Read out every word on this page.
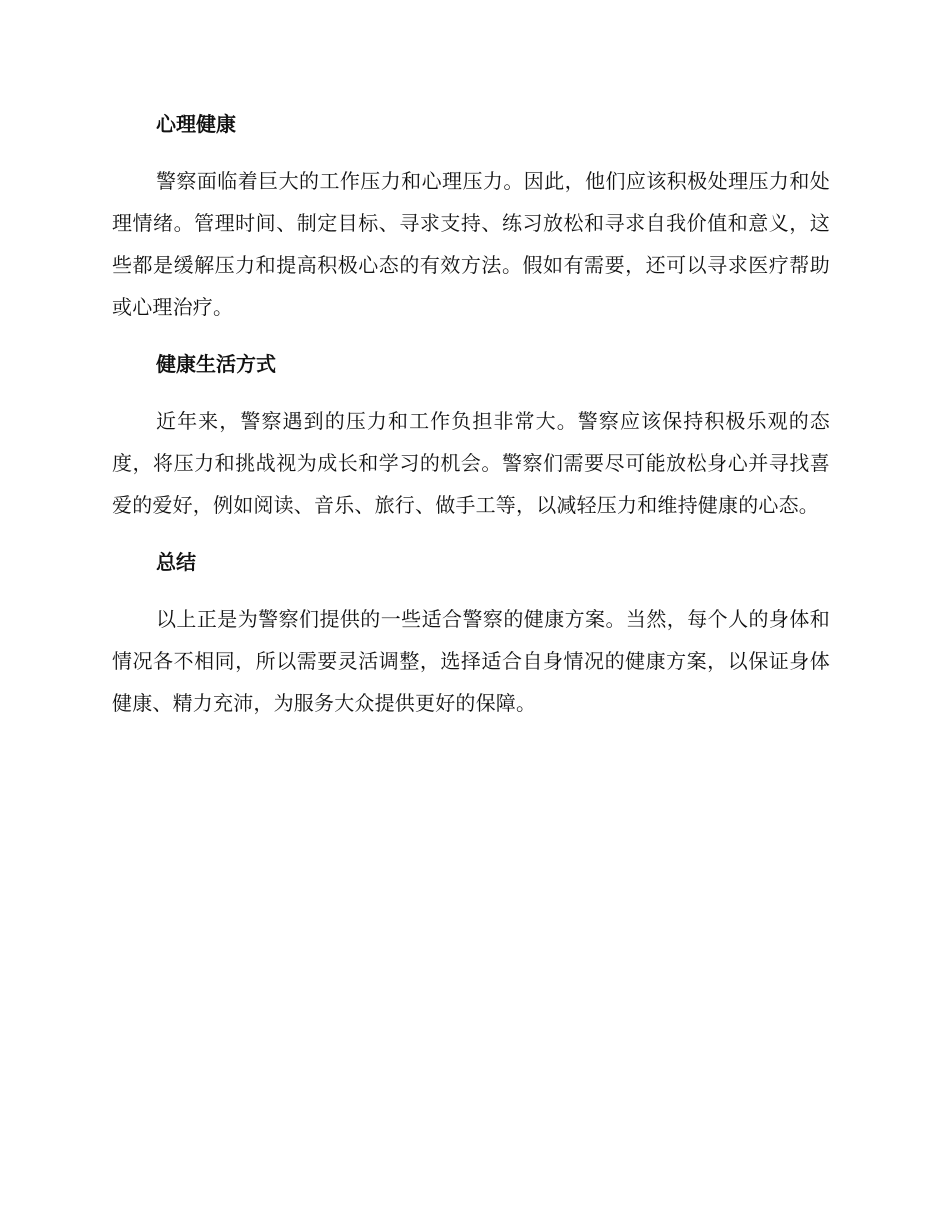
心理健康

警察面临着巨大的工作压力和心理压力。因此，他们应该积极处理压力和处理情绪。管理时间、制定目标、寻求支持、练习放松和寻求自我价值和意义，这些都是缓解压力和提高积极心态的有效方法。假如有需要，还可以寻求医疗帮助或心理治疗。

健康生活方式

近年来，警察遇到的压力和工作负担非常大。警察应该保持积极乐观的态度，将压力和挑战视为成长和学习的机会。警察们需要尽可能放松身心并寻找喜爱的爱好，例如阅读、音乐、旅行、做手工等，以减轻压力和维持健康的心态。

总结

以上正是为警察们提供的一些适合警察的健康方案。当然，每个人的身体和情况各不相同，所以需要灵活调整，选择适合自身情况的健康方案，以保证身体健康、精力充沛，为服务大众提供更好的保障。
